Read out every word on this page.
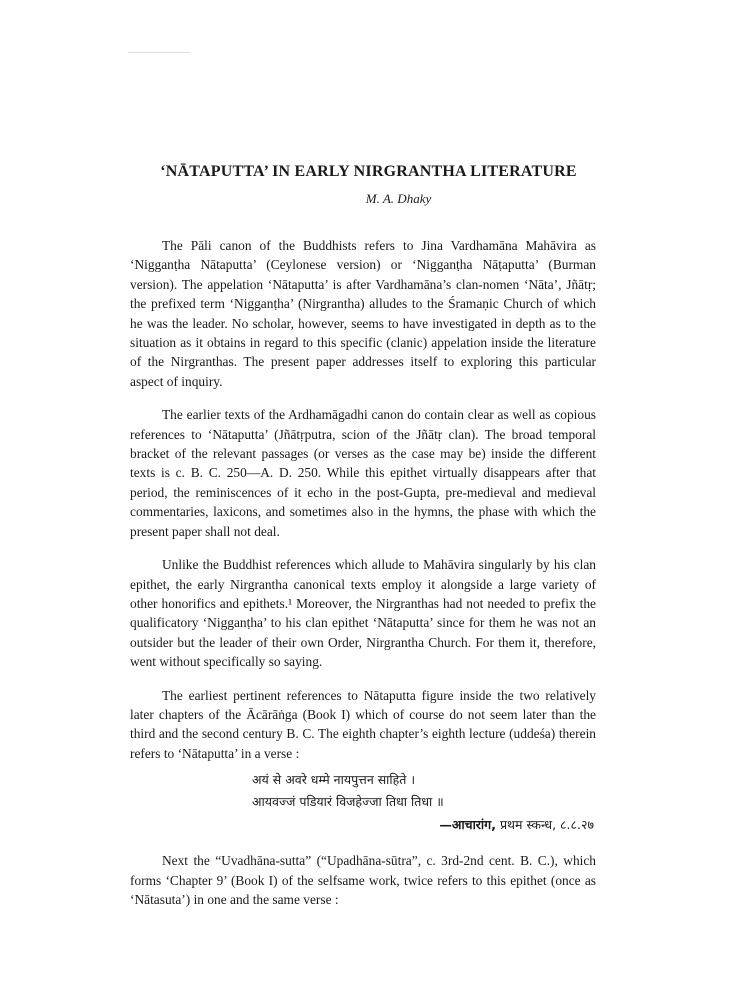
‘NĀTAPUTTA’ IN EARLY NIRGRANTHA LITERATURE
M. A. Dhaky

The Pāli canon of the Buddhists refers to Jina Vardhamāna Mahāvira as ‘Nigganṭha Nātaputta’ (Ceylonese version) or ‘Nigganṭha Nāṭaputta’ (Burman version). The appelation ‘Nātaputta’ is after Vardhamāna’s clan-nomen ‘Nāta’, Jñātṛ; the prefixed term ‘Nigganṭha’ (Nirgrantha) alludes to the Śramaṇic Church of which he was the leader. No scholar, however, seems to have investigated in depth as to the situation as it obtains in regard to this specific (clanic) appelation inside the literature of the Nirgranthas. The present paper addresses itself to exploring this particular aspect of inquiry.

The earlier texts of the Ardhamāgadhi canon do contain clear as well as copious references to ‘Nātaputta’ (Jñātṛputra, scion of the Jñātṛ clan). The broad temporal bracket of the relevant passages (or verses as the case may be) inside the different texts is c. B. C. 250—A. D. 250. While this epithet virtually disappears after that period, the reminiscences of it echo in the post-Gupta, pre-medieval and medieval commentaries, laxicons, and sometimes also in the hymns, the phase with which the present paper shall not deal.

Unlike the Buddhist references which allude to Mahāvira singularly by his clan epithet, the early Nirgrantha canonical texts employ it alongside a large variety of other honorifics and epithets.¹ Moreover, the Nirgranthas had not needed to prefix the qualificatory ‘Nigganṭha’ to his clan epithet ‘Nātaputta’ since for them he was not an outsider but the leader of their own Order, Nirgrantha Church. For them it, therefore, went without specifically so saying.

The earliest pertinent references to Nātaputta figure inside the two relatively later chapters of the Ācārāṅga (Book I) which of course do not seem later than the third and the second century B. C. The eighth chapter’s eighth lecture (uddeśa) therein refers to ‘Nātaputta’ in a verse :

अयं से अवरे धम्मे नायपुत्तन साहिते ।
आयवज्जं पडियारं विजहेज्जा तिधा तिधा ॥
—आचारांग, प्रथम स्कन्ध, ८.८.२७

Next the “Uvadhāna-sutta” (“Upadhāna-sūtra”, c. 3rd-2nd cent. B. C.), which forms ‘Chapter 9’ (Book I) of the selfsame work, twice refers to this epithet (once as ‘Nātasuta’) in one and the same verse :
